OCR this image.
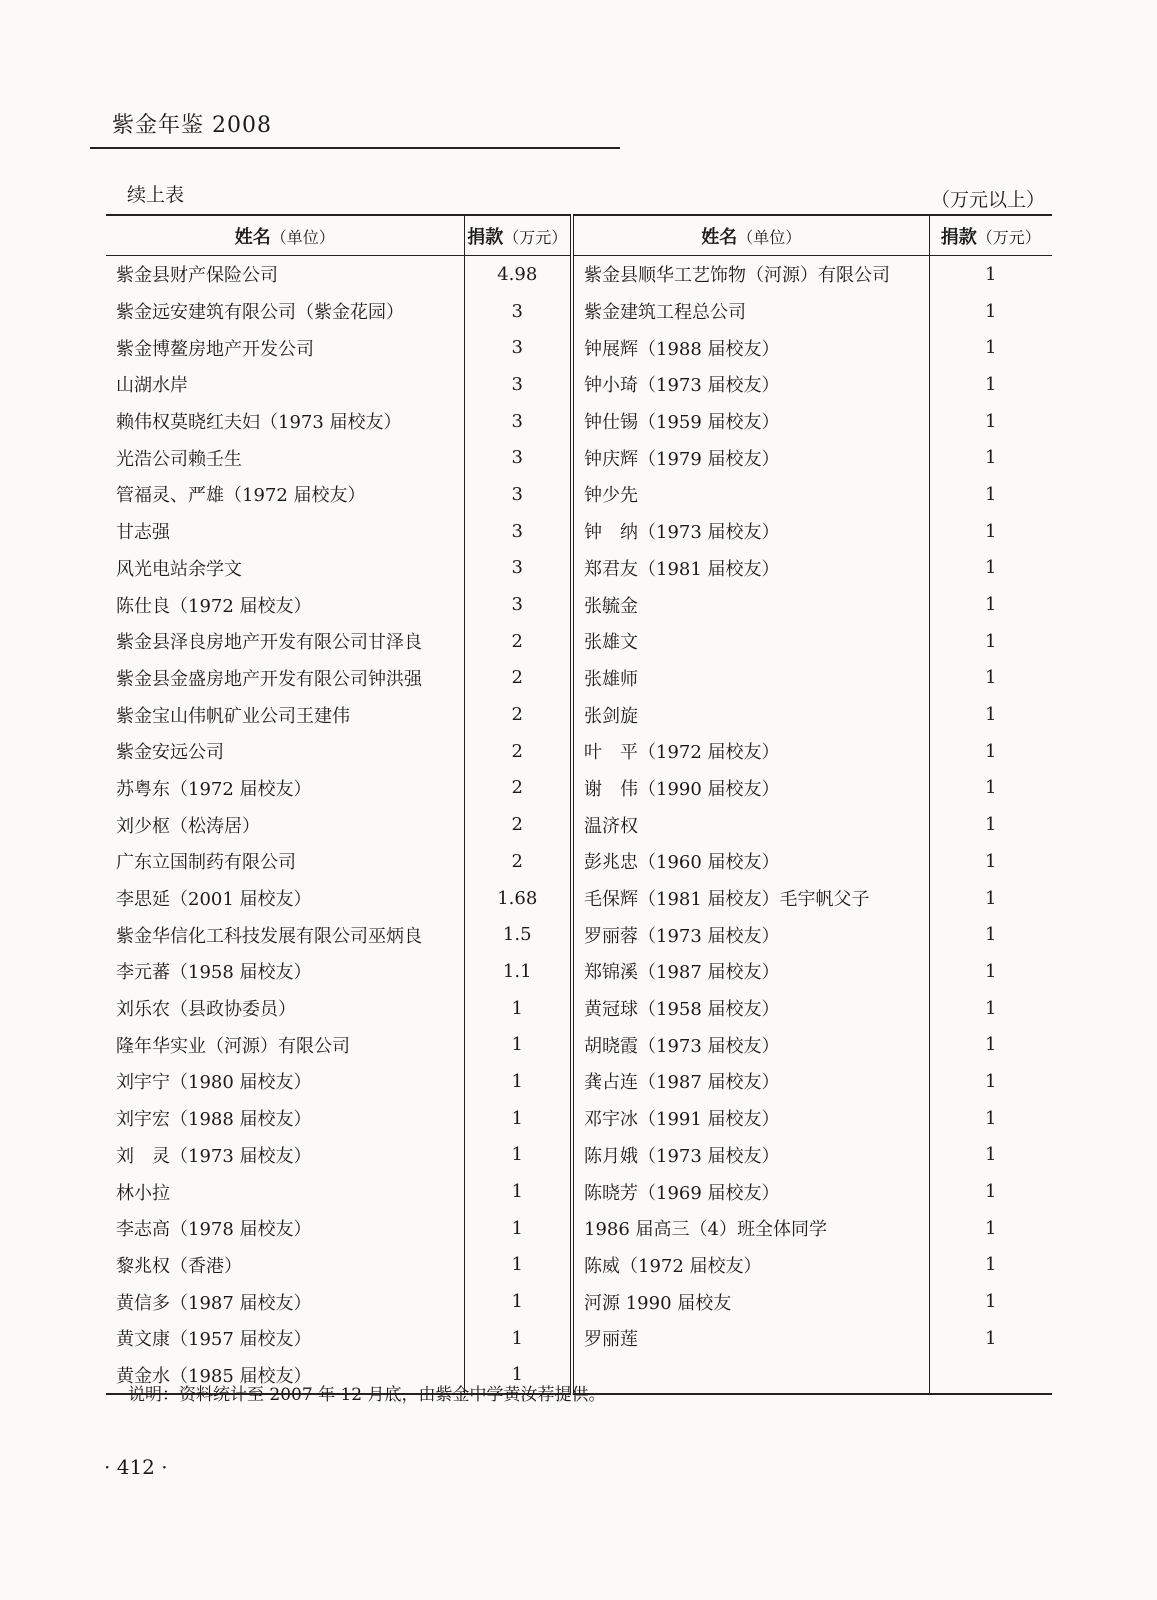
紫金年鉴 2008
续上表	（万元以上）
姓名（单位）	捐款（万元）	姓名（单位）	捐款（万元）
紫金县财产保险公司	4.98	紫金县顺华工艺饰物（河源）有限公司	1
紫金远安建筑有限公司（紫金花园）	3	紫金建筑工程总公司	1
紫金博鳌房地产开发公司	3	钟展辉（1988 届校友）	1
山湖水岸	3	钟小琦（1973 届校友）	1
赖伟权莫晓红夫妇（1973 届校友）	3	钟仕锡（1959 届校友）	1
光浩公司赖壬生	3	钟庆辉（1979 届校友）	1
管福灵、严雄（1972 届校友）	3	钟少先	1
甘志强	3	钟　纳（1973 届校友）	1
风光电站余学文	3	郑君友（1981 届校友）	1
陈仕良（1972 届校友）	3	张毓金	1
紫金县泽良房地产开发有限公司甘泽良	2	张雄文	1
紫金县金盛房地产开发有限公司钟洪强	2	张雄师	1
紫金宝山伟帆矿业公司王建伟	2	张剑旋	1
紫金安远公司	2	叶　平（1972 届校友）	1
苏粤东（1972 届校友）	2	谢　伟（1990 届校友）	1
刘少枢（松涛居）	2	温济权	1
广东立国制药有限公司	2	彭兆忠（1960 届校友）	1
李思延（2001 届校友）	1.68	毛保辉（1981 届校友）毛宇帆父子	1
紫金华信化工科技发展有限公司巫炳良	1.5	罗丽蓉（1973 届校友）	1
李元蕃（1958 届校友）	1.1	郑锦溪（1987 届校友）	1
刘乐农（县政协委员）	1	黄冠球（1958 届校友）	1
隆年华实业（河源）有限公司	1	胡晓霞（1973 届校友）	1
刘宇宁（1980 届校友）	1	龚占连（1987 届校友）	1
刘宇宏（1988 届校友）	1	邓宇冰（1991 届校友）	1
刘　灵（1973 届校友）	1	陈月娥（1973 届校友）	1
林小拉	1	陈晓芳（1969 届校友）	1
李志高（1978 届校友）	1	1986 届高三（4）班全体同学	1
黎兆权（香港）	1	陈威（1972 届校友）	1
黄信多（1987 届校友）	1	河源 1990 届校友	1
黄文康（1957 届校友）	1	罗丽莲	1
黄金水（1985 届校友）	1		
说明：资料统计至 2007 年 12 月底，由紫金中学黄汝荐提供。
· 412 ·
